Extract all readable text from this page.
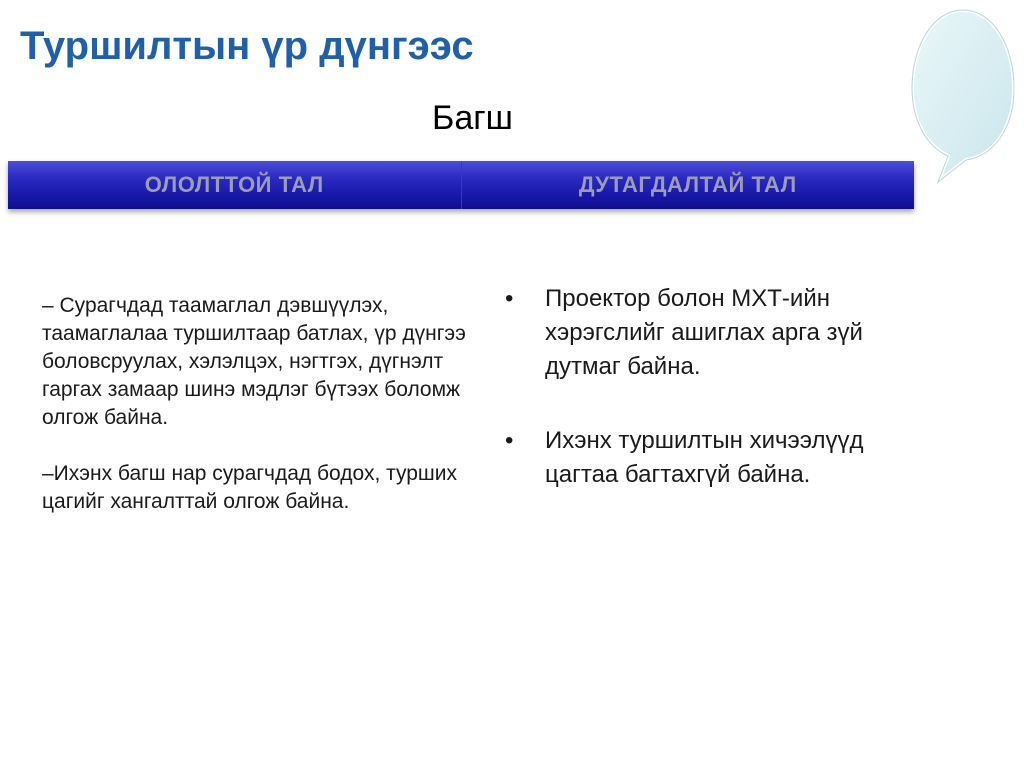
Туршилтын үр дүнгээс
Багш
ОЛОЛТТОЙ ТАЛ	ДУТАГДАЛТАЙ ТАЛ

– Сурагчдад таамаглал дэвшүүлэх, таамаглалаа туршилтаар батлах, үр дүнгээ боловсруулах, хэлэлцэх, нэгтгэх, дүгнэлт гаргах замаар шинэ мэдлэг бүтээх боломж олгож байна.

–Ихэнх багш нар сурагчдад бодох, турших цагийг хангалттай олгож байна.

•	Проектор болон МХТ-ийн хэрэгслийг ашиглах арга зүй дутмаг байна.
•	Ихэнх туршилтын хичээлүүд цагтаа багтахгүй байна.
